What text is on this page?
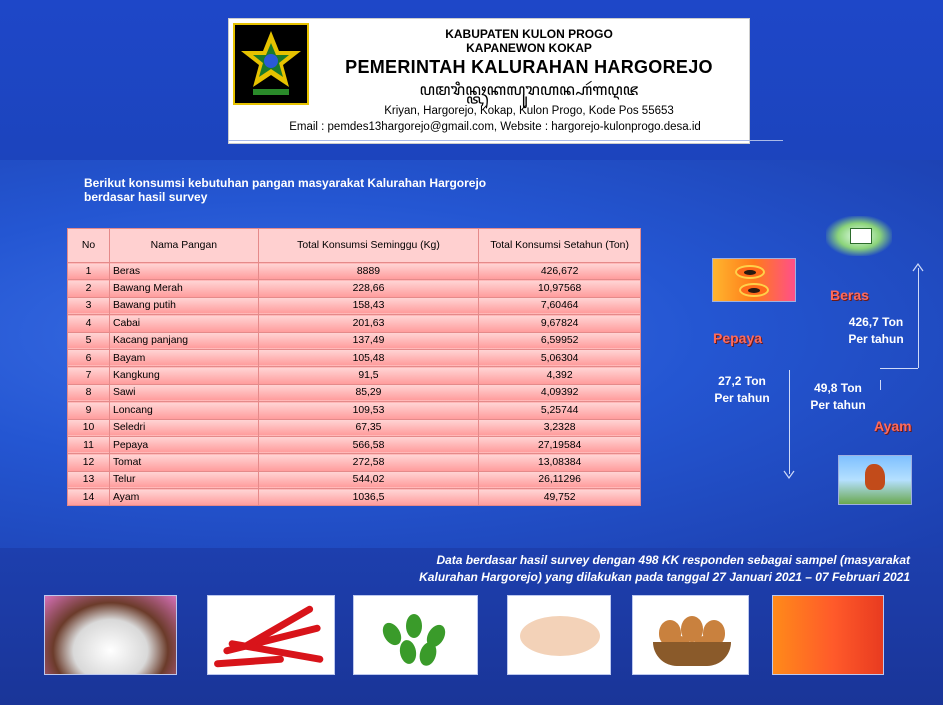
KABUPATEN KULON PROGO
KAPANEWON KOKAP
PEMERINTAH KALURAHAN HARGOREJO
ꦥꦩꦫꦶꦤ꧀ꦠꦃꦏꦭꦸꦫꦲꦤ꧀ꦲꦂꦒꦉꦗ
Kriyan, Hargorejo, Kokap, Kulon Progo, Kode Pos 55653
Email : pemdes13hargorejo@gmail.com, Website : hargorejo-kulonprogo.desa.id
Berikut konsumsi kebutuhan pangan masyarakat Kalurahan Hargorejo
berdasar hasil survey
No	Nama Pangan	Total Konsumsi Seminggu (Kg)	Total Konsumsi Setahun (Ton)
1	Beras	8889	426,672
2	Bawang Merah	228,66	10,97568
3	Bawang putih	158,43	7,60464
4	Cabai	201,63	9,67824
5	Kacang panjang	137,49	6,59952
6	Bayam	105,48	5,06304
7	Kangkung	91,5	4,392
8	Sawi	85,29	4,09392
9	Loncang	109,53	5,25744
10	Seledri	67,35	3,2328
11	Pepaya	566,58	27,19584
12	Tomat	272,58	13,08384
13	Telur	544,02	26,11296
14	Ayam	1036,5	49,752
Pepaya
27,2 Ton
Per tahun
Beras
426,7 Ton
Per tahun
49,8 Ton
Per tahun
Ayam
Data berdasar hasil survey dengan 498 KK responden sebagai sampel (masyarakat
Kalurahan Hargorejo) yang dilakukan pada tanggal 27 Januari 2021 – 07 Februari 2021
